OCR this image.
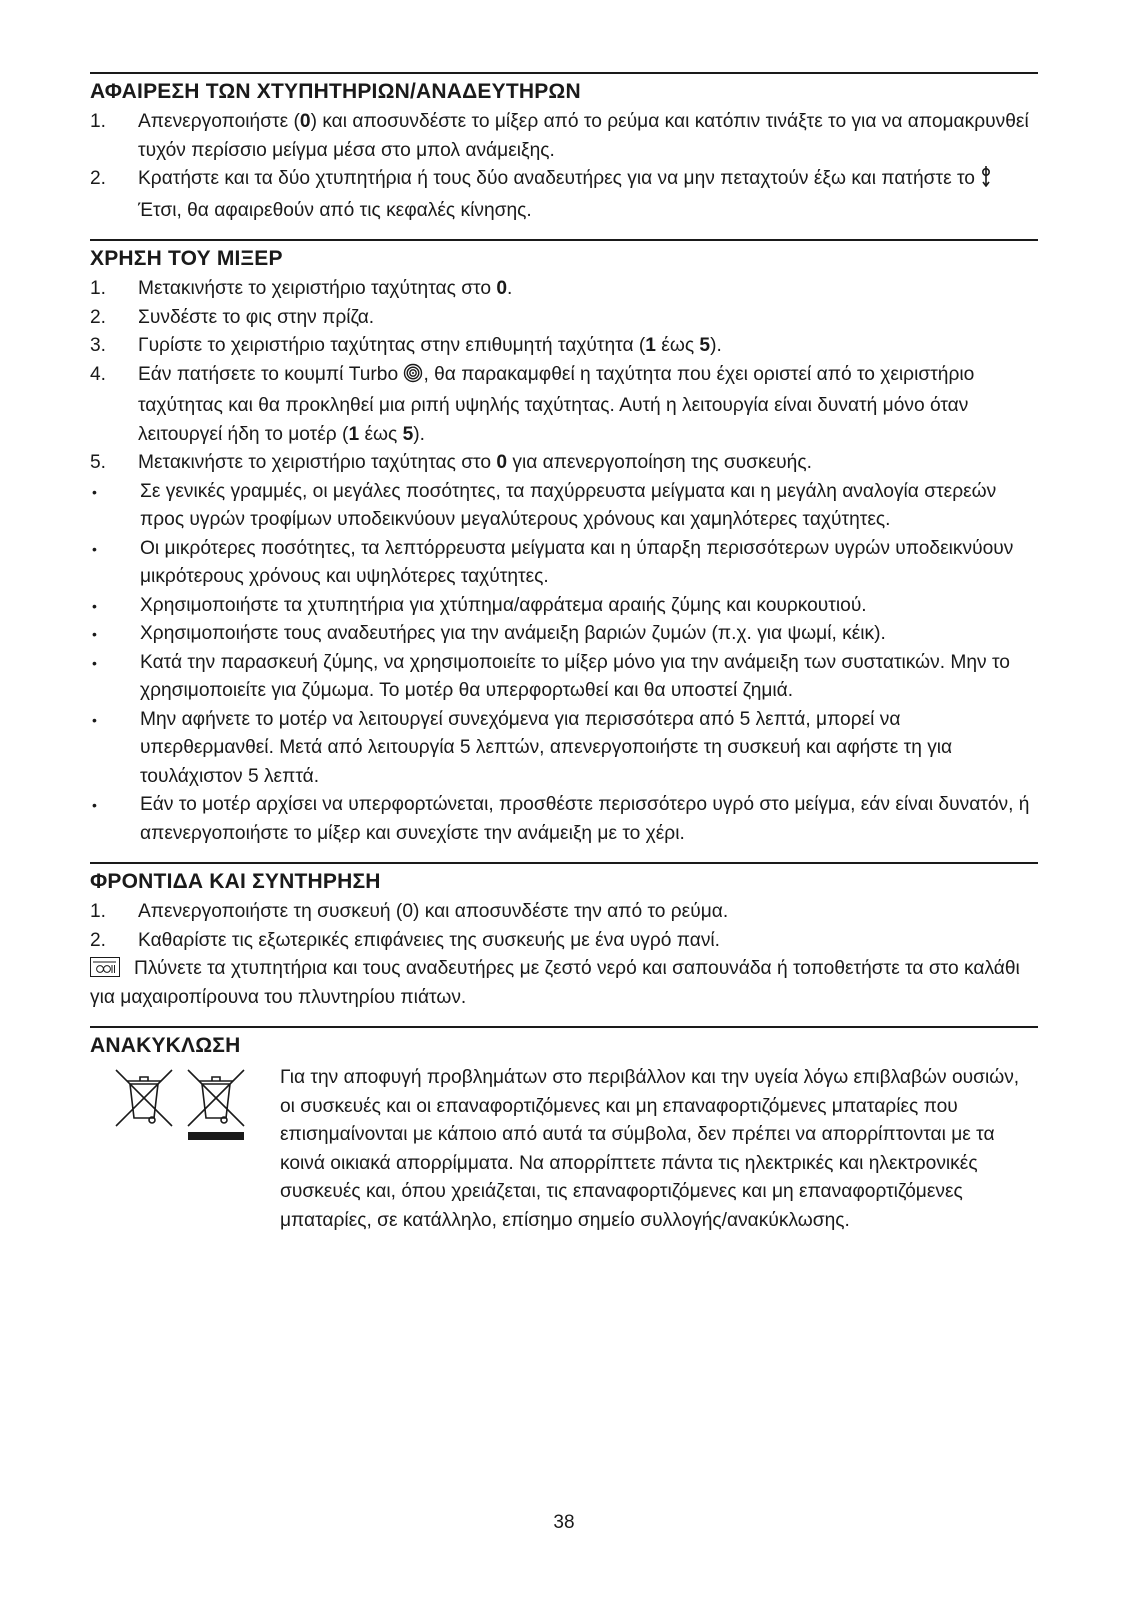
ΑΦΑΙΡΕΣΗ ΤΩΝ ΧΤΥΠΗΤΗΡΙΩΝ/ΑΝΑΔΕΥΤΗΡΩΝ
1.	Απενεργοποιήστε (0) και αποσυνδέστε το μίξερ από το ρεύμα και κατόπιν τινάξτε το για να απομακρυνθεί τυχόν περίσσιο μείγμα μέσα στο μπολ ανάμειξης.
2.	Κρατήστε και τα δύο χτυπητήρια ή τους δύο αναδευτήρες για να μην πεταχτούν έξω και πατήστε το  Έτσι, θα αφαιρεθούν από τις κεφαλές κίνησης.
ΧΡΗΣΗ ΤΟΥ ΜΙΞΕΡ
1.	Μετακινήστε το χειριστήριο ταχύτητας στο 0.
2.	Συνδέστε το φις στην πρίζα.
3.	Γυρίστε το χειριστήριο ταχύτητας στην επιθυμητή ταχύτητα (1 έως 5).
4.	Εάν πατήσετε το κουμπί Turbo , θα παρακαμφθεί η ταχύτητα που έχει οριστεί από το χειριστήριο ταχύτητας και θα προκληθεί μια ριπή υψηλής ταχύτητας. Αυτή η λειτουργία είναι δυνατή μόνο όταν λειτουργεί ήδη το μοτέρ (1 έως 5).
5.	Μετακινήστε το χειριστήριο ταχύτητας στο 0 για απενεργοποίηση της συσκευής.
•	Σε γενικές γραμμές, οι μεγάλες ποσότητες, τα παχύρρευστα μείγματα και η μεγάλη αναλογία στερεών προς υγρών τροφίμων υποδεικνύουν μεγαλύτερους χρόνους και χαμηλότερες ταχύτητες.
•	Οι μικρότερες ποσότητες, τα λεπτόρρευστα μείγματα και η ύπαρξη περισσότερων υγρών υποδεικνύουν μικρότερους χρόνους και υψηλότερες ταχύτητες.
•	Χρησιμοποιήστε τα χτυπητήρια για χτύπημα/αφράτεμα αραιής ζύμης και κουρκουτιού.
•	Χρησιμοποιήστε τους αναδευτήρες για την ανάμειξη βαριών ζυμών (π.χ. για ψωμί, κέικ).
•	Κατά την παρασκευή ζύμης, να χρησιμοποιείτε το μίξερ μόνο για την ανάμειξη των συστατικών. Μην το χρησιμοποιείτε για ζύμωμα. Το μοτέρ θα υπερφορτωθεί και θα υποστεί ζημιά.
•	Μην αφήνετε το μοτέρ να λειτουργεί συνεχόμενα για περισσότερα από 5 λεπτά, μπορεί να υπερθερμανθεί. Μετά από λειτουργία 5 λεπτών, απενεργοποιήστε τη συσκευή και αφήστε τη για τουλάχιστον 5 λεπτά.
•	Εάν το μοτέρ αρχίσει να υπερφορτώνεται, προσθέστε περισσότερο υγρό στο μείγμα, εάν είναι δυνατόν, ή απενεργοποιήστε το μίξερ και συνεχίστε την ανάμειξη με το χέρι.
ΦΡΟΝΤΙΔΑ ΚΑΙ ΣΥΝΤΗΡΗΣΗ
1.	Απενεργοποιήστε τη συσκευή (0) και αποσυνδέστε την από το ρεύμα.
2.	Καθαρίστε τις εξωτερικές επιφάνειες της συσκευής με ένα υγρό πανί.
Πλύνετε τα χτυπητήρια και τους αναδευτήρες με ζεστό νερό και σαπουνάδα ή τοποθετήστε τα στο καλάθι για μαχαιροπίρουνα του πλυντηρίου πιάτων.
ΑΝΑΚΥΚΛΩΣΗ
Για την αποφυγή προβλημάτων στο περιβάλλον και την υγεία λόγω επιβλαβών ουσιών, οι συσκευές και οι επαναφορτιζόμενες και μη επαναφορτιζόμενες μπαταρίες που επισημαίνονται με κάποιο από αυτά τα σύμβολα, δεν πρέπει να απορρίπτονται με τα κοινά οικιακά απορρίμματα. Να απορρίπτετε πάντα τις ηλεκτρικές και ηλεκτρονικές συσκευές και, όπου χρειάζεται, τις επαναφορτιζόμενες και μη επαναφορτιζόμενες μπαταρίες, σε κατάλληλο, επίσημο σημείο συλλογής/ανακύκλωσης.
38
